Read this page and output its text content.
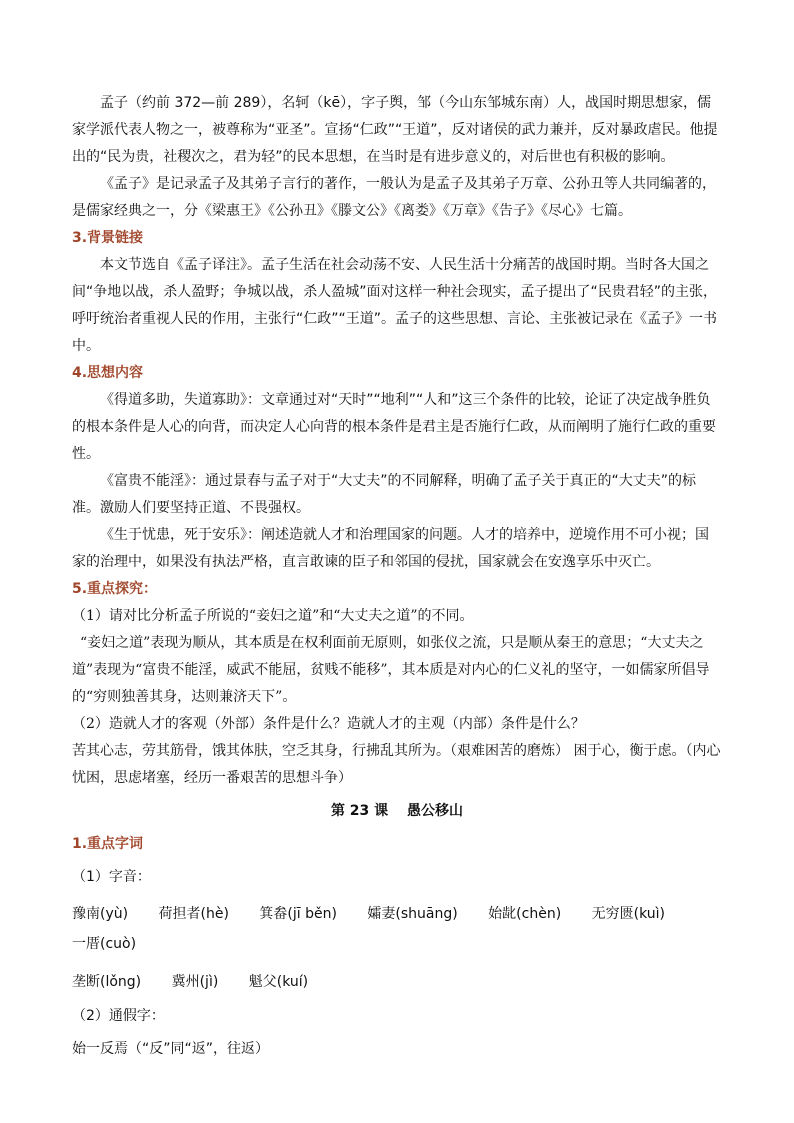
孟子（约前 372—前 289），名轲（kē），字子舆，邹（今山东邹城东南）人，战国时期思想家，儒家学派代表人物之一，被尊称为“亚圣”。宣扬“仁政”“王道”，反对诸侯的武力兼并，反对暴政虐民。他提出的“民为贵，社稷次之，君为轻”的民本思想，在当时是有进步意义的，对后世也有积极的影响。

《孟子》是记录孟子及其弟子言行的著作，一般认为是孟子及其弟子万章、公孙丑等人共同编著的，是儒家经典之一，分《梁惠王》《公孙丑》《滕文公》《离娄》《万章》《告子》《尽心》七篇。

3.背景链接

本文节选自《孟子译注》。孟子生活在社会动荡不安、人民生活十分痛苦的战国时期。当时各大国之间“争地以战，杀人盈野；争城以战，杀人盈城”面对这样一种社会现实，孟子提出了“民贵君轻”的主张，呼吁统治者重视人民的作用，主张行“仁政”“王道”。孟子的这些思想、言论、主张被记录在《孟子》一书中。

4.思想内容

《得道多助，失道寡助》：文章通过对“天时”“地利”“人和”这三个条件的比较，论证了决定战争胜负的根本条件是人心的向背，而决定人心向背的根本条件是君主是否施行仁政，从而阐明了施行仁政的重要性。

《富贵不能淫》：通过景春与孟子对于“大丈夫”的不同解释，明确了孟子关于真正的“大丈夫”的标准。激励人们要坚持正道、不畏强权。

《生于忧患，死于安乐》：阐述造就人才和治理国家的问题。人才的培养中，逆境作用不可小视；国家的治理中，如果没有执法严格，直言敢谏的臣子和邻国的侵扰，国家就会在安逸享乐中灭亡。

5.重点探究：

（1）请对比分析孟子所说的“妾妇之道”和“大丈夫之道”的不同。

“妾妇之道”表现为顺从，其本质是在权利面前无原则，如张仪之流，只是顺从秦王的意思；“大丈夫之道”表现为“富贵不能淫，威武不能屈，贫贱不能移”，其本质是对内心的仁义礼的坚守，一如儒家所倡导的“穷则独善其身，达则兼济天下”。

（2）造就人才的客观（外部）条件是什么？造就人才的主观（内部）条件是什么？

苦其心志，劳其筋骨，饿其体肤，空乏其身，行拂乱其所为。（艰难困苦的磨炼） 困于心，衡于虑。（内心忧困，思虑堵塞，经历一番艰苦的思想斗争）

第 23 课 愚公移山

1.重点字词

（1）字音：

豫南(yù) 荷担者(hè) 箕畚(jī běn) 孀妻(shuāng) 始龀(chèn) 无穷匮(kuì) 一厝(cuò)

垄断(lǒng) 冀州(jì) 魁父(kuí)

（2）通假字：

始一反焉（“反”同“返”，往返）
